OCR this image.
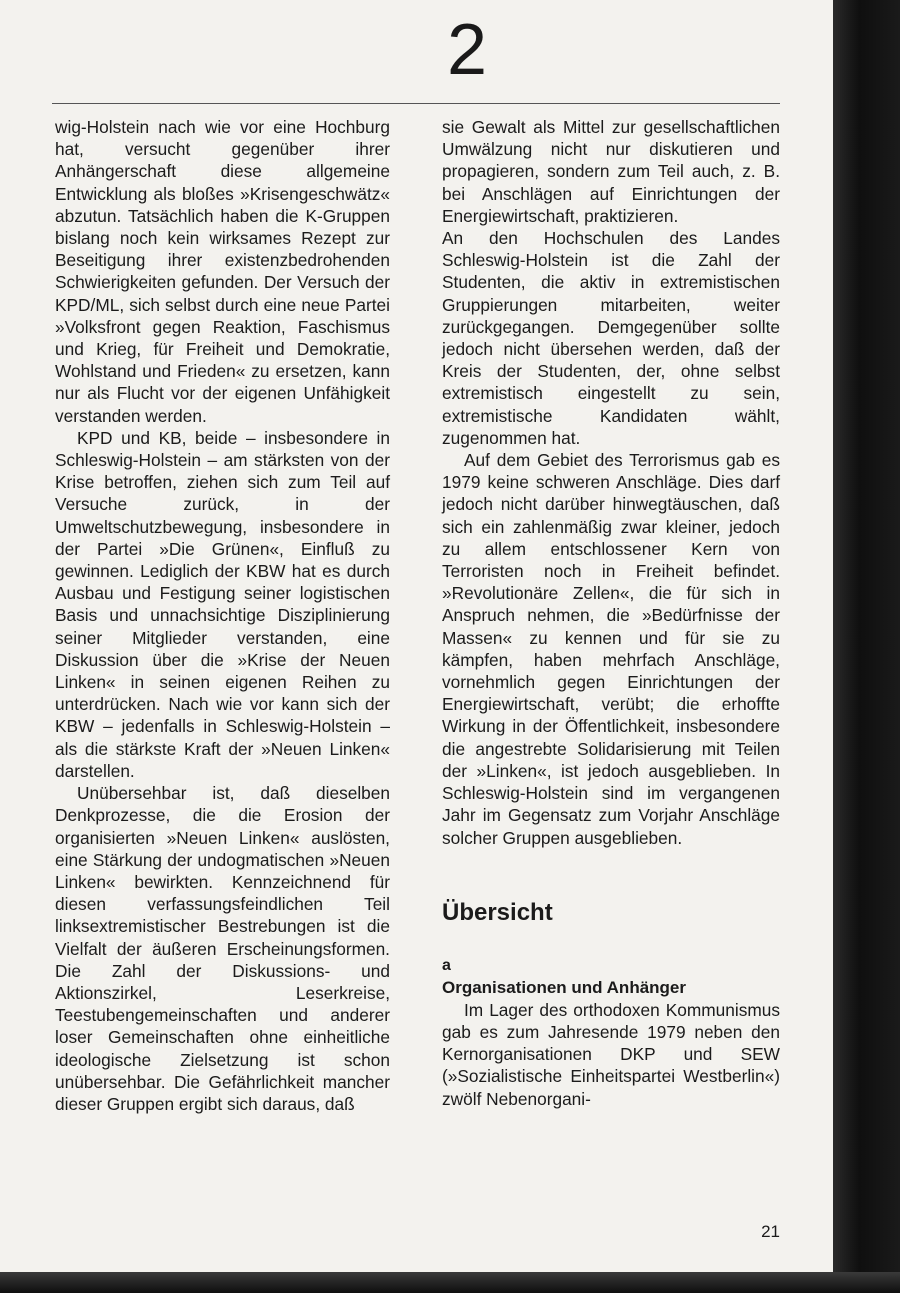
2

wig-Holstein nach wie vor eine Hochburg hat, versucht gegenüber ihrer Anhängerschaft diese allgemeine Entwicklung als bloßes »Krisengeschwätz« abzutun. Tatsächlich haben die K-Gruppen bislang noch kein wirksames Rezept zur Beseitigung ihrer existenzbedrohenden Schwierigkeiten gefunden. Der Versuch der KPD/ML, sich selbst durch eine neue Partei »Volksfront gegen Reaktion, Faschismus und Krieg, für Freiheit und Demokratie, Wohlstand und Frieden« zu ersetzen, kann nur als Flucht vor der eigenen Unfähigkeit verstanden werden.

KPD und KB, beide – insbesondere in Schleswig-Holstein – am stärksten von der Krise betroffen, ziehen sich zum Teil auf Versuche zurück, in der Umweltschutzbewegung, insbesondere in der Partei »Die Grünen«, Einfluß zu gewinnen. Lediglich der KBW hat es durch Ausbau und Festigung seiner logistischen Basis und unnachsichtige Disziplinierung seiner Mitglieder verstanden, eine Diskussion über die »Krise der Neuen Linken« in seinen eigenen Reihen zu unterdrücken. Nach wie vor kann sich der KBW – jedenfalls in Schleswig-Holstein – als die stärkste Kraft der »Neuen Linken« darstellen.

Unübersehbar ist, daß dieselben Denkprozesse, die die Erosion der organisierten »Neuen Linken« auslösten, eine Stärkung der undogmatischen »Neuen Linken« bewirkten. Kennzeichnend für diesen verfassungsfeindlichen Teil linksextremistischer Bestrebungen ist die Vielfalt der äußeren Erscheinungsformen. Die Zahl der Diskussions- und Aktionszirkel, Leserkreise, Teestubengemeinschaften und anderer loser Gemeinschaften ohne einheitliche ideologische Zielsetzung ist schon unübersehbar. Die Gefährlichkeit mancher dieser Gruppen ergibt sich daraus, daß

sie Gewalt als Mittel zur gesellschaftlichen Umwälzung nicht nur diskutieren und propagieren, sondern zum Teil auch, z. B. bei Anschlägen auf Einrichtungen der Energiewirtschaft, praktizieren.

An den Hochschulen des Landes Schleswig-Holstein ist die Zahl der Studenten, die aktiv in extremistischen Gruppierungen mitarbeiten, weiter zurückgegangen. Demgegenüber sollte jedoch nicht übersehen werden, daß der Kreis der Studenten, der, ohne selbst extremistisch eingestellt zu sein, extremistische Kandidaten wählt, zugenommen hat.

Auf dem Gebiet des Terrorismus gab es 1979 keine schweren Anschläge. Dies darf jedoch nicht darüber hinwegtäuschen, daß sich ein zahlenmäßig zwar kleiner, jedoch zu allem entschlossener Kern von Terroristen noch in Freiheit befindet. »Revolutionäre Zellen«, die für sich in Anspruch nehmen, die »Bedürfnisse der Massen« zu kennen und für sie zu kämpfen, haben mehrfach Anschläge, vornehmlich gegen Einrichtungen der Energiewirtschaft, verübt; die erhoffte Wirkung in der Öffentlichkeit, insbesondere die angestrebte Solidarisierung mit Teilen der »Linken«, ist jedoch ausgeblieben. In Schleswig-Holstein sind im vergangenen Jahr im Gegensatz zum Vorjahr Anschläge solcher Gruppen ausgeblieben.

Übersicht
a
Organisationen und Anhänger

Im Lager des orthodoxen Kommunismus gab es zum Jahresende 1979 neben den Kernorganisationen DKP und SEW (»Sozialistische Einheitspartei Westberlin«) zwölf Nebenorgani-

21
